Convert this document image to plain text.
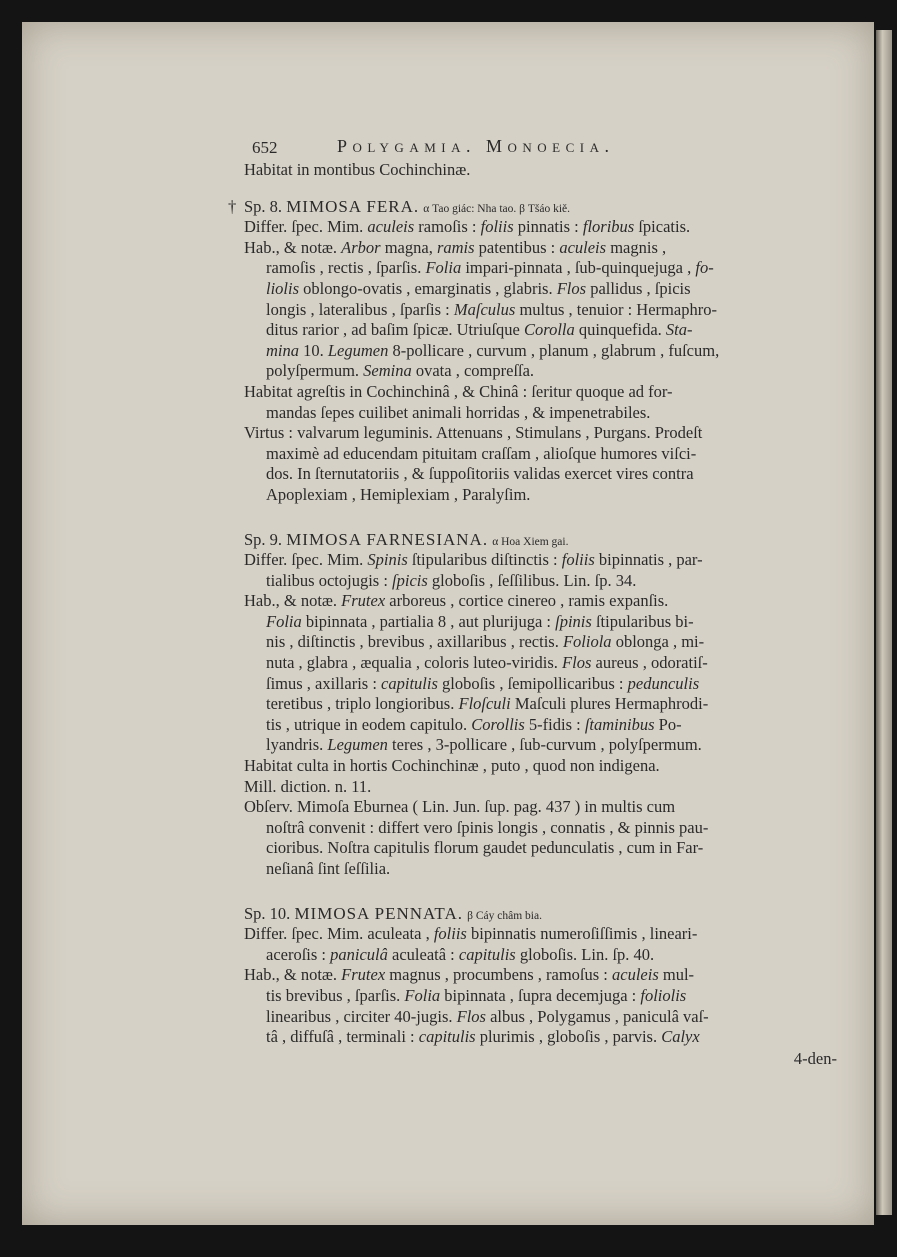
652	Polygamia. Monoecia.
Habitat in montibus Cochinchinæ.
† Sp. 8. MIMOSA FERA. α Tao giác: Nha tao. β Tšáo kiě.
Differ. ſpec. Mim. aculeis ramoſis : foliis pinnatis : floribus ſpicatis.
Hab., & notæ. Arbor magna, ramis patentibus : aculeis magnis ,
ramoſis , rectis , ſparſis. Folia impari-pinnata , ſub-quinquejuga , fo-
liolis oblongo-ovatis , emarginatis , glabris. Flos pallidus , ſpicis
longis , lateralibus , ſparſis : Maſculus multus , tenuior : Hermaphro-
ditus rarior , ad baſim ſpicæ. Utriuſque Corolla quinquefida. Sta-
mina 10. Legumen 8-pollicare , curvum , planum , glabrum , fuſcum,
polyſpermum. Semina ovata , compreſſa.
Habitat agreſtis in Cochinchinâ , & Chinâ : ſeritur quoque ad for-
mandas ſepes cuilibet animali horridas , & impenetrabiles.
Virtus : valvarum leguminis. Attenuans , Stimulans , Purgans. Prodeſt
maximè ad educendam pituitam craſſam , alioſque humores viſci-
dos. In ſternutatoriis , & ſuppoſitoriis validas exercet vires contra
Apoplexiam , Hemiplexiam , Paralyſim.
Sp. 9. MIMOSA FARNESIANA. α Hoa Xiem gai.
Differ. ſpec. Mim. Spinis ſtipularibus diſtinctis : foliis bipinnatis , par-
tialibus octojugis : ſpicis globoſis , ſeſſilibus. Lin. ſp. 34.
Hab., & notæ. Frutex arboreus , cortice cinereo , ramis expanſis.
Folia bipinnata , partialia 8 , aut plurijuga : ſpinis ſtipularibus bi-
nis , diſtinctis , brevibus , axillaribus , rectis. Foliola oblonga , mi-
nuta , glabra , æqualia , coloris luteo-viridis. Flos aureus , odoratiſ-
ſimus , axillaris : capitulis globoſis , ſemipollicaribus : pedunculis
teretibus , triplo longioribus. Floſculi Maſculi plures Hermaphrodi-
tis , utrique in eodem capitulo. Corollis 5-fidis : ſtaminibus Po-
lyandris. Legumen teres , 3-pollicare , ſub-curvum , polyſpermum.
Habitat culta in hortis Cochinchinæ , puto , quod non indigena.
Mill. diction. n. 11.
Obſerv. Mimoſa Eburnea ( Lin. Jun. ſup. pag. 437 ) in multis cum
noſtrâ convenit : differt vero ſpinis longis , connatis , & pinnis pau-
cioribus. Noſtra capitulis florum gaudet pedunculatis , cum in Far-
neſianâ ſint ſeſſilia.
Sp. 10. MIMOSA PENNATA. β Cáy châm bia.
Differ. ſpec. Mim. aculeata , foliis bipinnatis numeroſiſſimis , lineari-
aceroſis : paniculâ aculeatâ : capitulis globoſis. Lin. ſp. 40.
Hab., & notæ. Frutex magnus , procumbens , ramoſus : aculeis mul-
tis brevibus , ſparſis. Folia bipinnata , ſupra decemjuga : foliolis
linearibus , circiter 40-jugis. Flos albus , Polygamus , paniculâ vaſ-
tâ , diffuſâ , terminali : capitulis plurimis , globoſis , parvis. Calyx
4-den-
